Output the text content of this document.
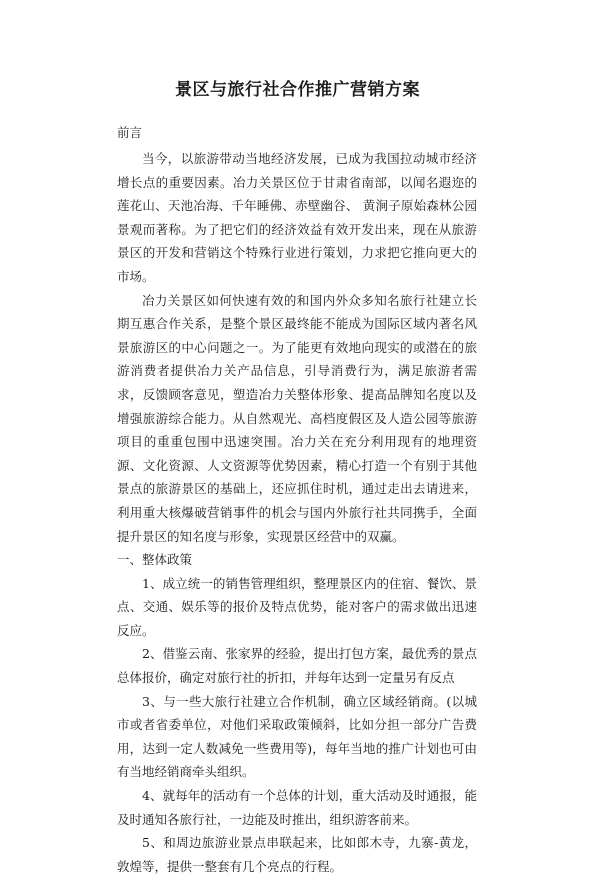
景区与旅行社合作推广营销方案
前言

当今，以旅游带动当地经济发展，已成为我国拉动城市经济增长点的重要因素。冶力关景区位于甘肃省南部，以闻名遐迩的莲花山、天池冶海、千年睡佛、赤壁幽谷、 黄涧子原始森林公园景观而著称。为了把它们的经济效益有效开发出来，现在从旅游景区的开发和营销这个特殊行业进行策划，力求把它推向更大的市场。

冶力关景区如何快速有效的和国内外众多知名旅行社建立长期互惠合作关系，是整个景区最终能不能成为国际区域内著名风景旅游区的中心问题之一。为了能更有效地向现实的或潜在的旅游消费者提供冶力关产品信息，引导消费行为，满足旅游者需求，反馈顾客意见，塑造冶力关整体形象、提高品牌知名度以及增强旅游综合能力。从自然观光、高档度假区及人造公园等旅游项目的重重包围中迅速突围。冶力关在充分利用现有的地理资源、文化资源、人文资源等优势因素，精心打造一个有别于其他景点的旅游景区的基础上，还应抓住时机，通过走出去请进来，利用重大核爆破营销事件的机会与国内外旅行社共同携手，全面提升景区的知名度与形象，实现景区经营中的双赢。

一、整体政策

1、成立统一的销售管理组织，整理景区内的住宿、餐饮、景点、交通、娱乐等的报价及特点优势，能对客户的需求做出迅速反应。

2、借鉴云南、张家界的经验，提出打包方案，最优秀的景点总体报价，确定对旅行社的折扣，并每年达到一定量另有反点

3、与一些大旅行社建立合作机制，确立区域经销商。(以城市或者省委单位，对他们采取政策倾斜，比如分担一部分广告费用，达到一定人数减免一些费用等)，每年当地的推广计划也可由有当地经销商牵头组织。

4、就每年的活动有一个总体的计划，重大活动及时通报，能及时通知各旅行社，一边能及时推出，组织游客前来。

5、和周边旅游业景点串联起来，比如郎木寺，九寨-黄龙，敦煌等，提供一整套有几个亮点的行程。
